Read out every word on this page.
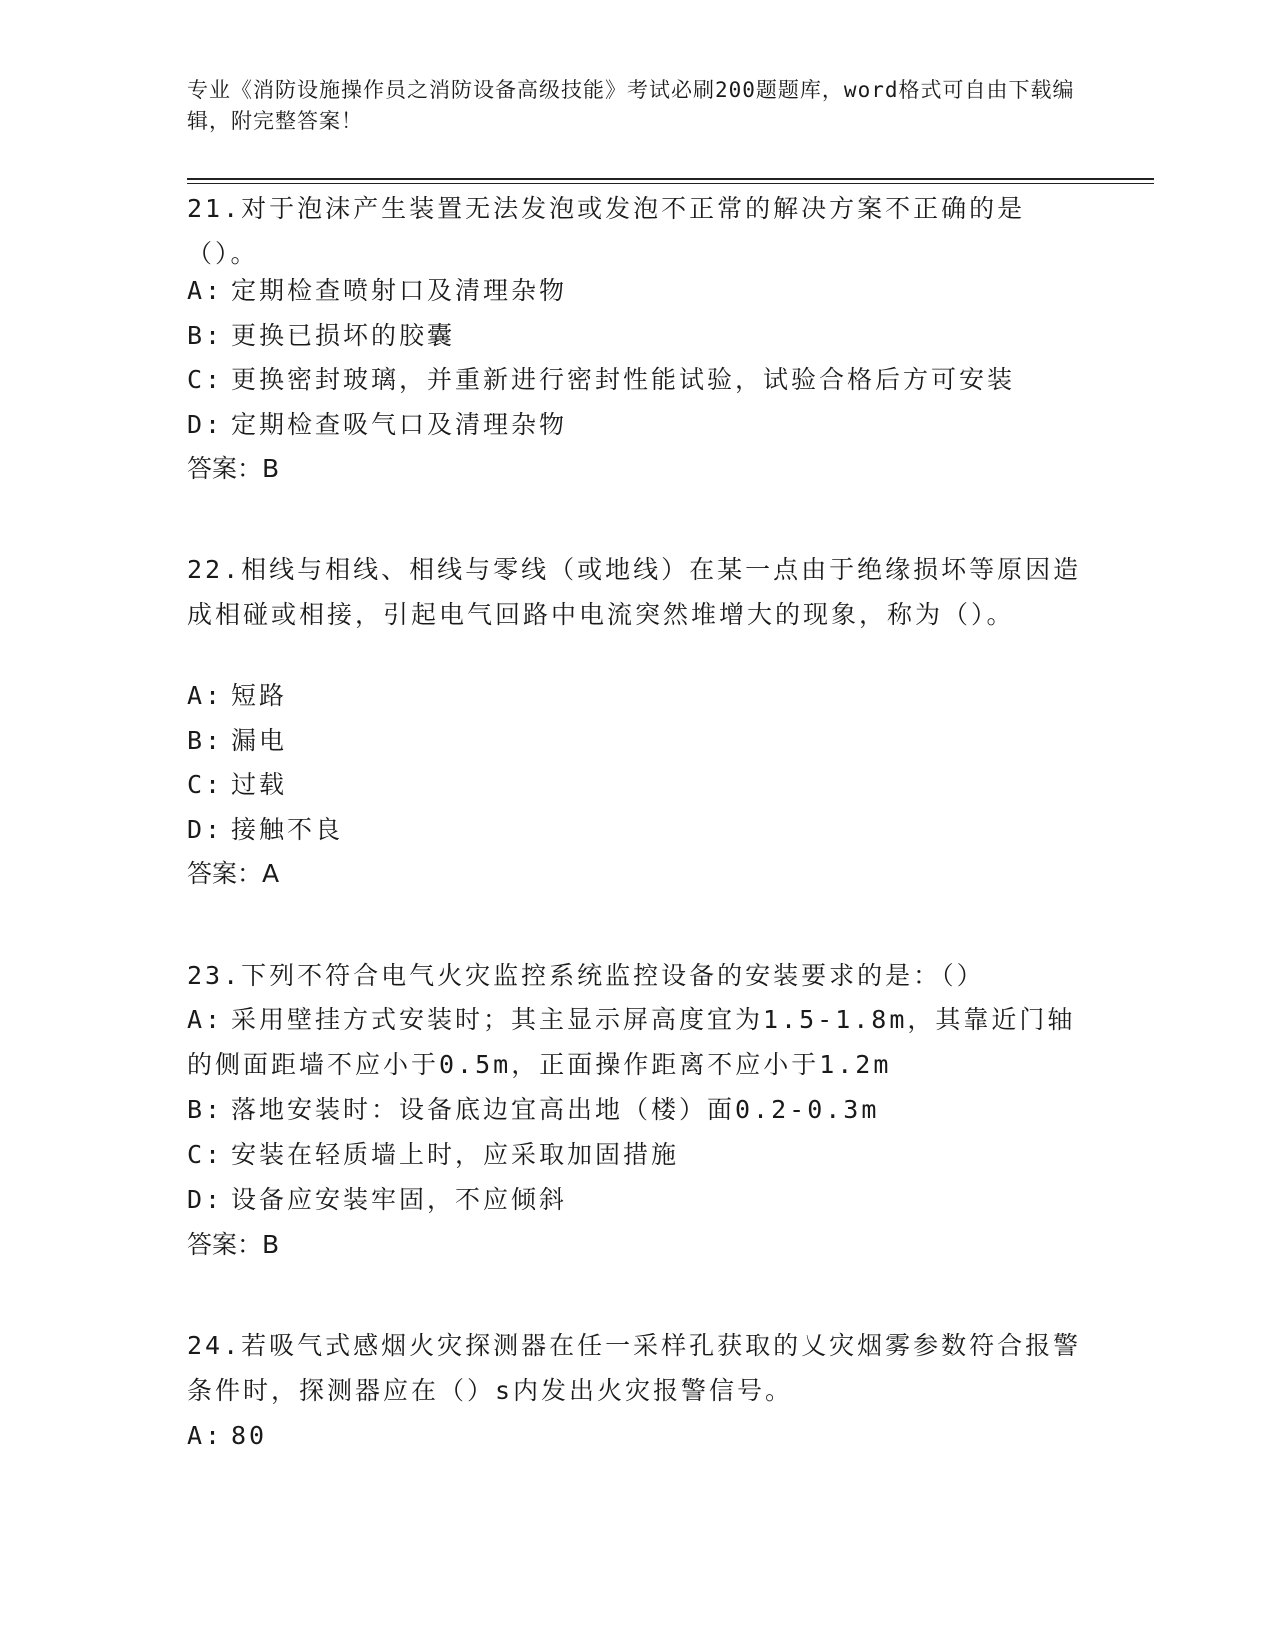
专业《消防设施操作员之消防设备高级技能》考试必刷200题题库，word格式可自由下载编辑，附完整答案！
21.对于泡沫产生装置无法发泡或发泡不正常的解决方案不正确的是（）。
A: 定期检查喷射口及清理杂物
B: 更换已损坏的胶囊
C: 更换密封玻璃，并重新进行密封性能试验，试验合格后方可安装
D: 定期检查吸气口及清理杂物
答案：B
22.相线与相线、相线与零线（或地线）在某一点由于绝缘损坏等原因造成相碰或相接，引起电气回路中电流突然堆增大的现象，称为（）。
A: 短路
B: 漏电
C: 过载
D: 接触不良
答案：A
23.下列不符合电气火灾监控系统监控设备的安装要求的是：（）
A: 采用壁挂方式安装时；其主显示屏高度宜为1.5-1.8m，其靠近门轴的侧面距墙不应小于0.5m，正面操作距离不应小于1.2m
B: 落地安装时：设备底边宜高出地（楼）面0.2-0.3m
C: 安装在轻质墙上时，应采取加固措施
D: 设备应安装牢固，不应倾斜
答案：B
24.若吸气式感烟火灾探测器在任一采样孔获取的乂灾烟雾参数符合报警条件时，探测器应在（）s内发出火灾报警信号。
A: 80
